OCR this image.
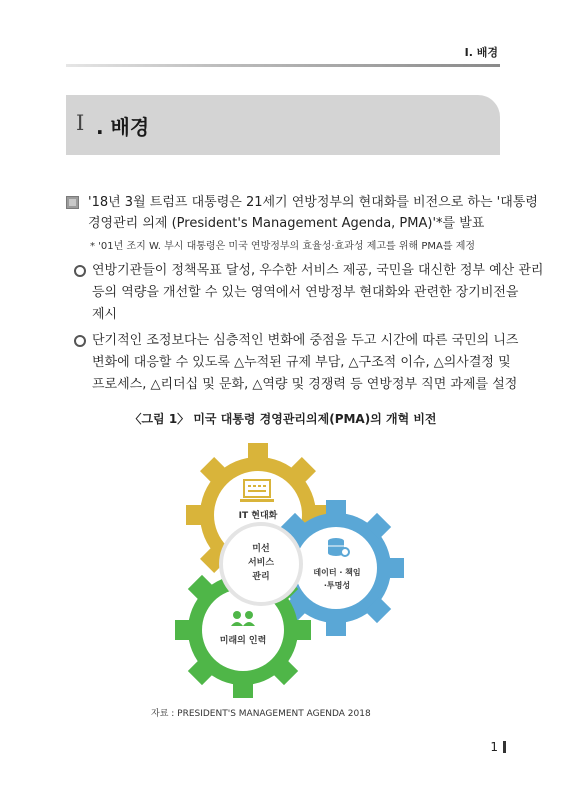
Ⅰ. 배경
Ⅰ . 배경
'18년 3월 트럼프 대통령은 21세기 연방정부의 현대화를 비전으로 하는 '대통령
경영관리 의제 (President's Management Agenda, PMA)'*를 발표
* '01년 조지 W. 부시 대통령은 미국 연방정부의 효율성·효과성 제고를 위해 PMA를 제정
연방기관들이 정책목표 달성, 우수한 서비스 제공, 국민을 대신한 정부 예산 관리
등의 역량을 개선할 수 있는 영역에서 연방정부 현대화와 관련한 장기비전을
제시
단기적인 조정보다는 심층적인 변화에 중점을 두고 시간에 따른 국민의 니즈
변화에 대응할 수 있도록 △누적된 규제 부담, △구조적 이슈, △의사결정 및
프로세스, △리더십 및 문화, △역량 및 경쟁력 등 연방정부 직면 과제를 설정
〈그림 1〉 미국 대통령 경영관리의제(PMA)의 개혁 비전
IT 현대화
미선
서비스
관리	데이터 · 책임
·투명성
미래의 인력
자료 : PRESIDENT'S MANAGEMENT AGENDA 2018
1
